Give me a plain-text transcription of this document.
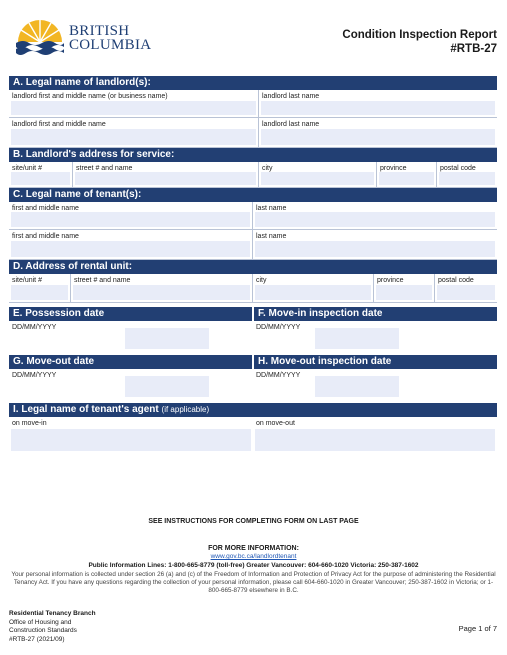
BRITISH
COLUMBIA
Condition Inspection Report
#RTB-27
A. Legal name of landlord(s):
landlord first and middle name (or business name)	landlord last name
landlord first and middle name	landlord last name
B. Landlord's address for service:
site/unit #	street # and name	city	province	postal code
C. Legal name of tenant(s):
first and middle name	last name
first and middle name	last name
D. Address of rental unit:
site/unit #	street # and name	city	province	postal code
E. Possession date	F. Move-in inspection date
DD/MM/YYYY	DD/MM/YYYY
G. Move-out date	H. Move-out inspection date
DD/MM/YYYY	DD/MM/YYYY
I. Legal name of tenant's agent (if applicable)
on move-in	on move-out
SEE INSTRUCTIONS FOR COMPLETING FORM ON LAST PAGE
FOR MORE INFORMATION:
www.gov.bc.ca/landlordtenant
Public Information Lines: 1-800-665-8779 (toll-free) Greater Vancouver: 604-660-1020 Victoria: 250-387-1602
Your personal information is collected under section 26 (a) and (c) of the Freedom of Information and Protection of Privacy Act for the purpose of administering the Residential Tenancy Act. If you have any questions regarding the collection of your personal information, please call 604-660-1020 in Greater Vancouver; 250-387-1602 in Victoria; or 1-800-665-8779 elsewhere in B.C.
Residential Tenancy Branch
Office of Housing and
Construction Standards
#RTB-27 (2021/09)
Page 1 of 7
